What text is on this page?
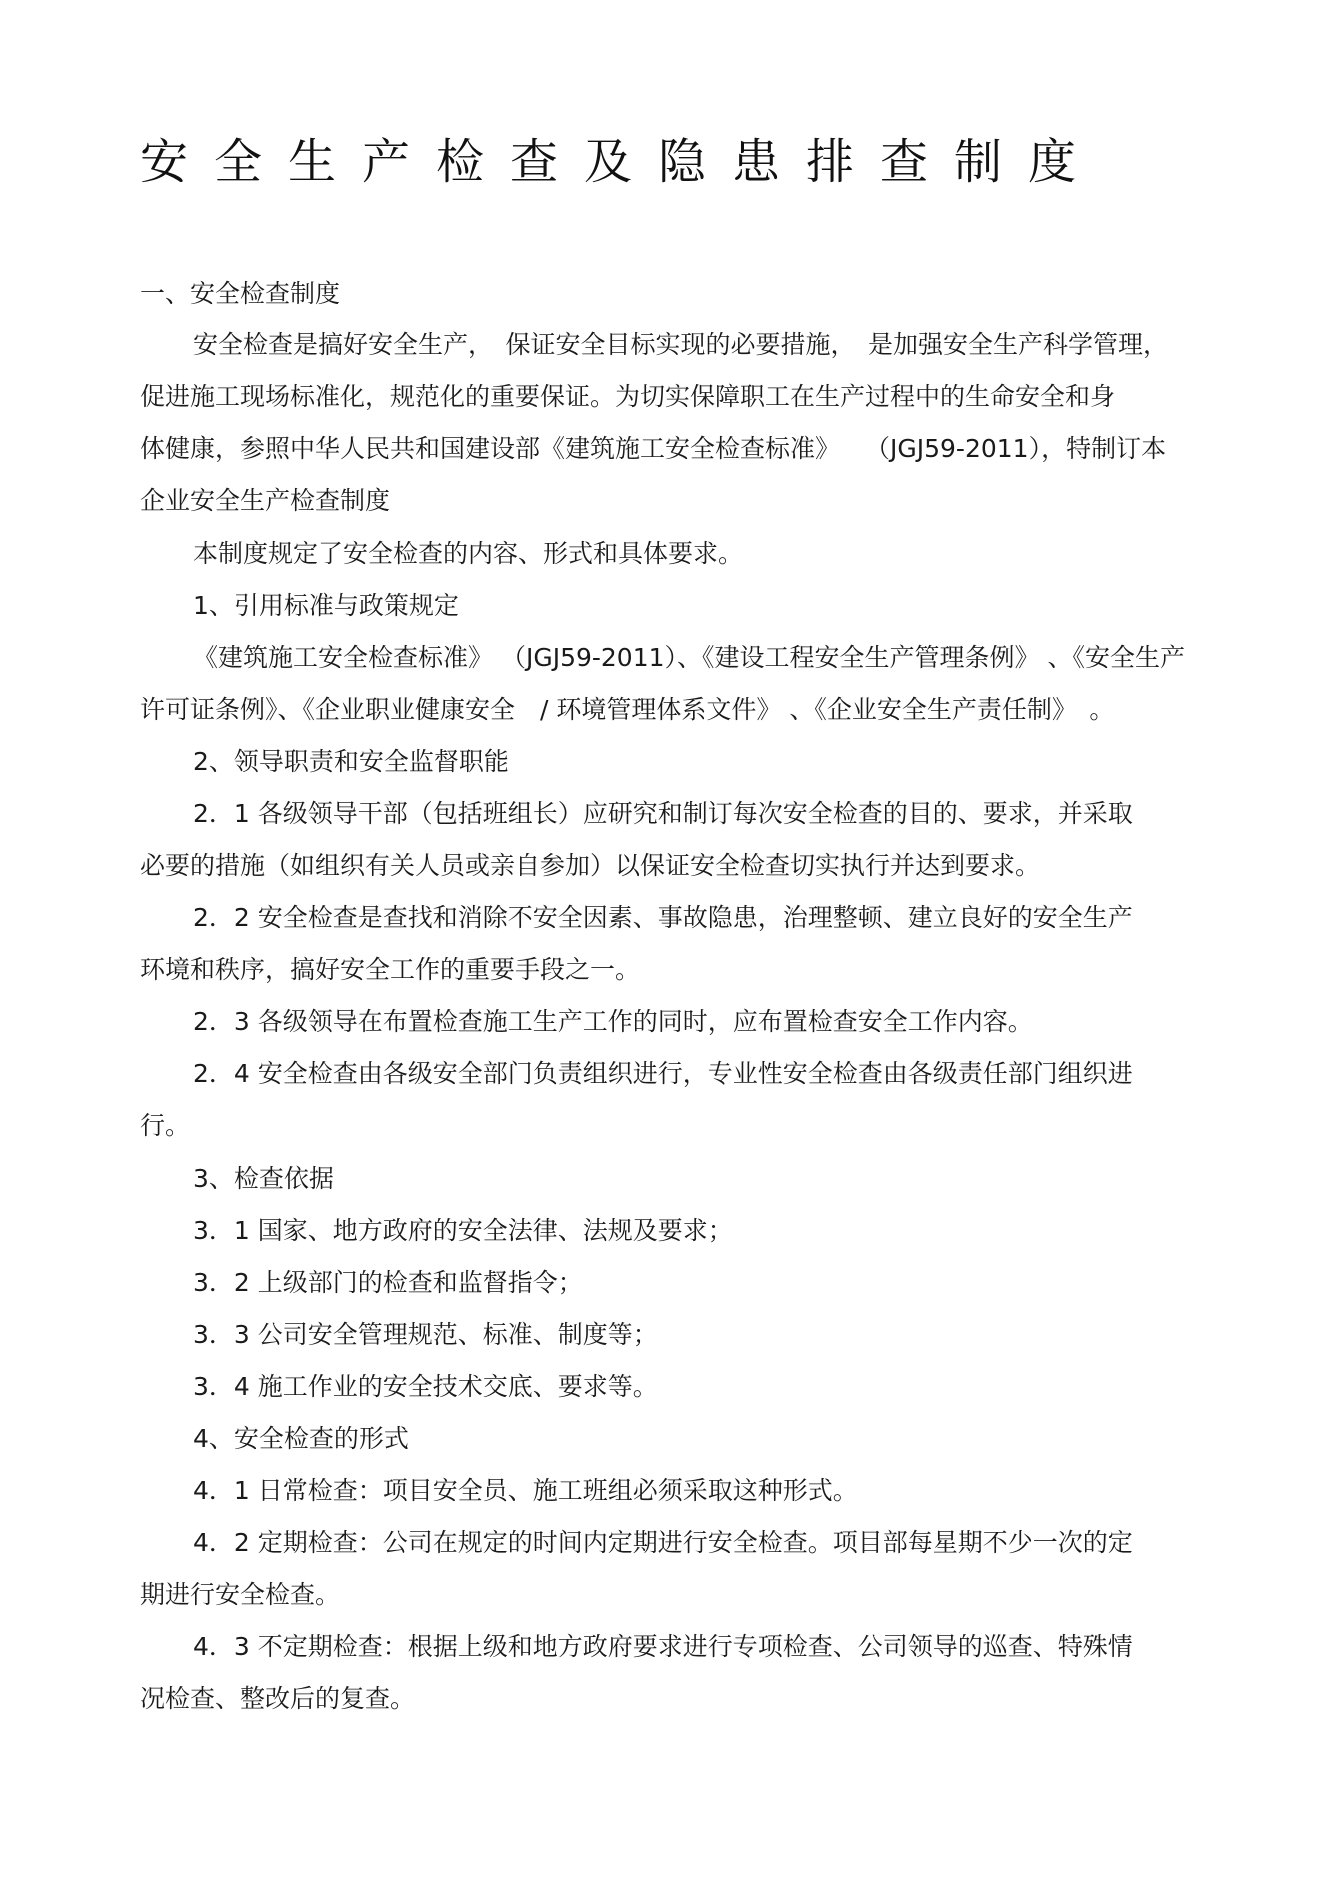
安全生产检查及隐患排查制度
一、安全检查制度
安全检查是搞好安全生产，　保证安全目标实现的必要措施，　是加强安全生产科学管理，
促进施工现场标准化，规范化的重要保证。为切实保障职工在生产过程中的生命安全和身
体健康，参照中华人民共和国建设部《建筑施工安全检查标准》　　（JGJ59-2011），特制订本
企业安全生产检查制度
本制度规定了安全检查的内容、形式和具体要求。
1、引用标准与政策规定
《建筑施工安全检查标准》 （JGJ59-2011）、《建设工程安全生产管理条例》 、《安全生产
许可证条例》、《企业职业健康安全　/ 环境管理体系文件》 、《企业安全生产责任制》　。
2、领导职责和安全监督职能
2．1 各级领导干部（包括班组长）应研究和制订每次安全检查的目的、要求，并采取
必要的措施（如组织有关人员或亲自参加）以保证安全检查切实执行并达到要求。
2．2 安全检查是查找和消除不安全因素、事故隐患，治理整顿、建立良好的安全生产
环境和秩序，搞好安全工作的重要手段之一。
2．3 各级领导在布置检查施工生产工作的同时，应布置检查安全工作内容。
2．4 安全检查由各级安全部门负责组织进行，专业性安全检查由各级责任部门组织进
行。
3、检查依据
3．1 国家、地方政府的安全法律、法规及要求；
3．2 上级部门的检查和监督指令；
3．3 公司安全管理规范、标准、制度等；
3．4 施工作业的安全技术交底、要求等。
4、安全检查的形式
4．1 日常检查：项目安全员、施工班组必须采取这种形式。
4．2 定期检查：公司在规定的时间内定期进行安全检查。项目部每星期不少一次的定
期进行安全检查。
4．3 不定期检查：根据上级和地方政府要求进行专项检查、公司领导的巡查、特殊情
况检查、整改后的复查。
